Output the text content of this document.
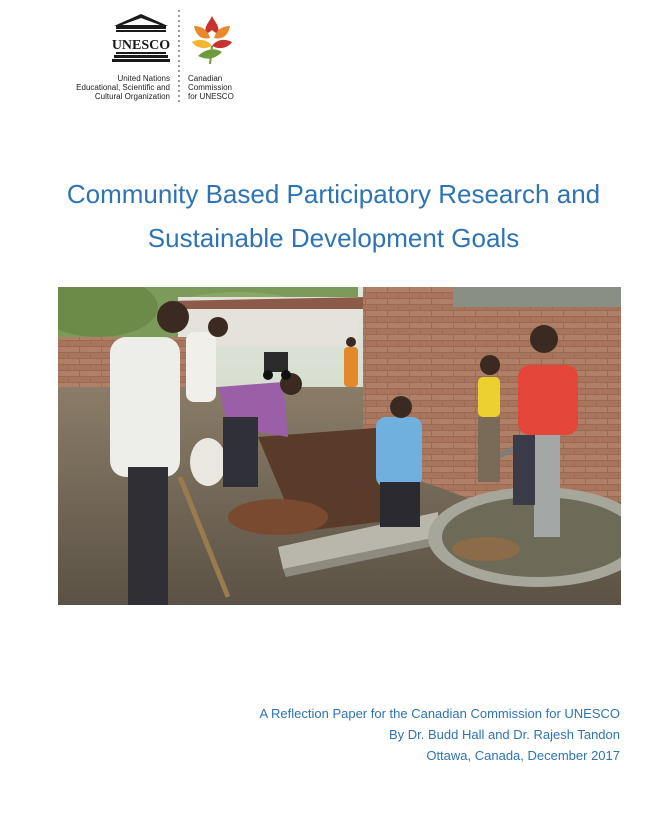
UNESCO
United Nations
Educational, Scientific and
Cultural Organization
Canadian
Commission
for UNESCO
Community Based Participatory Research and
Sustainable Development Goals
A Reflection Paper for the Canadian Commission for UNESCO
By Dr. Budd Hall and Dr. Rajesh Tandon
Ottawa, Canada, December 2017
